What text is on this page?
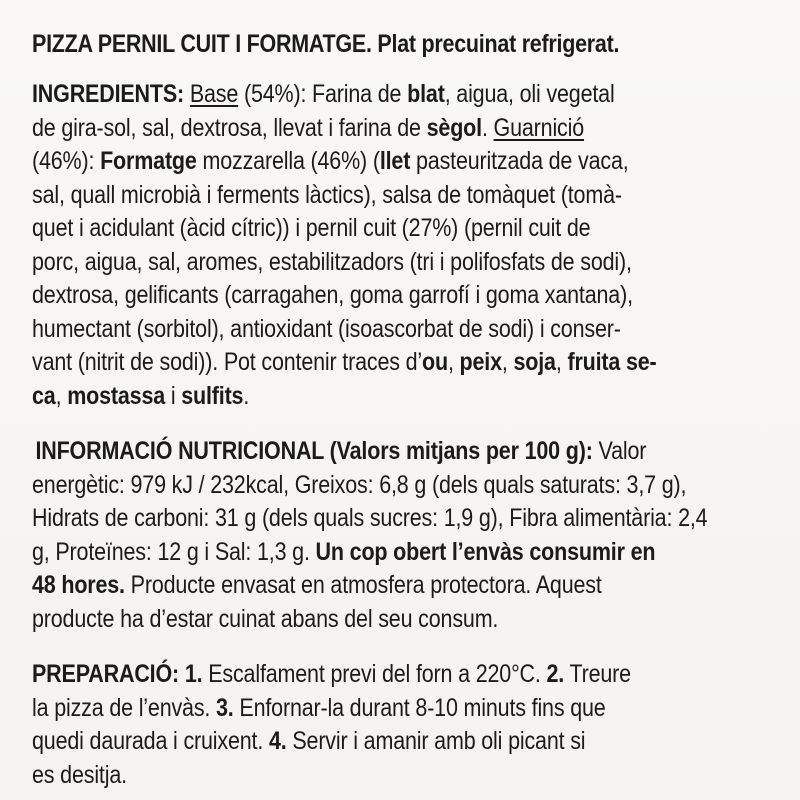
PIZZA PERNIL CUIT I FORMATGE. Plat precuinat refrigerat.
INGREDIENTS: Base (54%): Farina de blat, aigua, oli vegetal
de gira-sol, sal, dextrosa, llevat i farina de sègol. Guarnició
(46%): Formatge mozzarella (46%) (llet pasteuritzada de vaca,
sal, quall microbià i ferments làctics), salsa de tomàquet (tomà-
quet i acidulant (àcid cítric)) i pernil cuit (27%) (pernil cuit de
porc, aigua, sal, aromes, estabilitzadors (tri i polifosfats de sodi),
dextrosa, gelificants (carragahen, goma garrofí i goma xantana),
humectant (sorbitol), antioxidant (isoascorbat de sodi) i conser-
vant (nitrit de sodi)). Pot contenir traces d’ou, peix, soja, fruita se-
ca, mostassa i sulfits.
INFORMACIÓ NUTRICIONAL (Valors mitjans per 100 g): Valor
energètic: 979 kJ / 232kcal, Greixos: 6,8 g (dels quals saturats: 3,7 g),
Hidrats de carboni: 31 g (dels quals sucres: 1,9 g), Fibra alimentària: 2,4
g, Proteïnes: 12 g i Sal: 1,3 g. Un cop obert l’envàs consumir en
48 hores. Producte envasat en atmosfera protectora. Aquest
producte ha d’estar cuinat abans del seu consum.
PREPARACIÓ: 1. Escalfament previ del forn a 220°C. 2. Treure
la pizza de l’envàs. 3. Enfornar-la durant 8-10 minuts fins que
quedi daurada i cruixent. 4. Servir i amanir amb oli picant si
es desitja.
